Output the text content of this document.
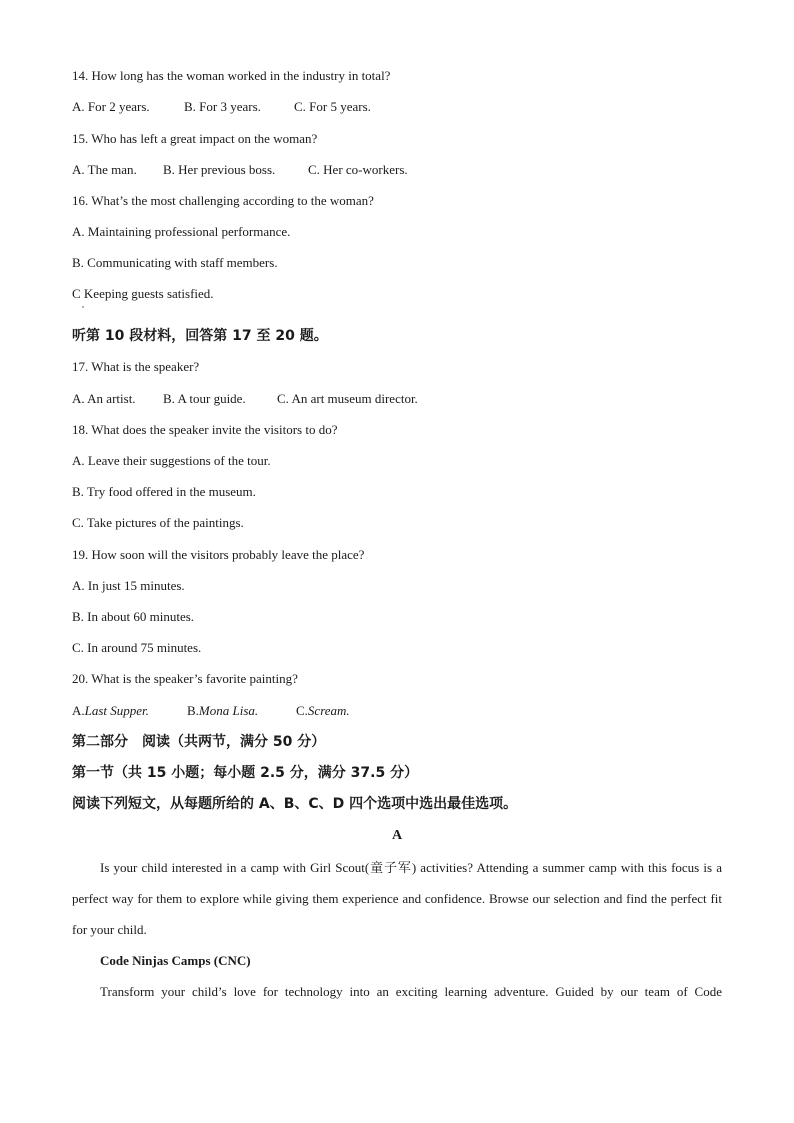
14. How long has the woman worked in the industry in total?
A. For 2 years.	B. For 3 years.	C. For 5 years.
15. Who has left a great impact on the woman?
A. The man. B. Her previous boss.	C. Her co-workers.
16. What’s the most challenging according to the woman?
A. Maintaining professional performance.
B. Communicating with staff members.
C Keeping guests satisfied.
听第 10 段材料，回答第 17 至 20 题。
17. What is the speaker?
A. An artist. B. A tour guide. C. An art museum director.
18. What does the speaker invite the visitors to do?
A. Leave their suggestions of the tour.
B. Try food offered in the museum.
C. Take pictures of the paintings.
19. How soon will the visitors probably leave the place?
A. In just 15 minutes.
B. In about 60 minutes.
C. In around 75 minutes.
20. What is the speaker’s favorite painting?
A.Last Supper.	B.Mona Lisa.	C.Scream.
第二部分　阅读（共两节，满分 50 分）
第一节（共 15 小题；每小题 2.5 分，满分 37.5 分）
阅读下列短文，从每题所给的 A、B、C、D 四个选项中选出最佳选项。
A
Is your child interested in a camp with Girl Scout(童子军) activities? Attending a summer camp with this focus is a perfect way for them to explore while giving them experience and confidence. Browse our selection and find the perfect fit for your child.
Code Ninjas Camps (CNC)
Transform your child’s love for technology into an exciting learning adventure. Guided by our team of Code
